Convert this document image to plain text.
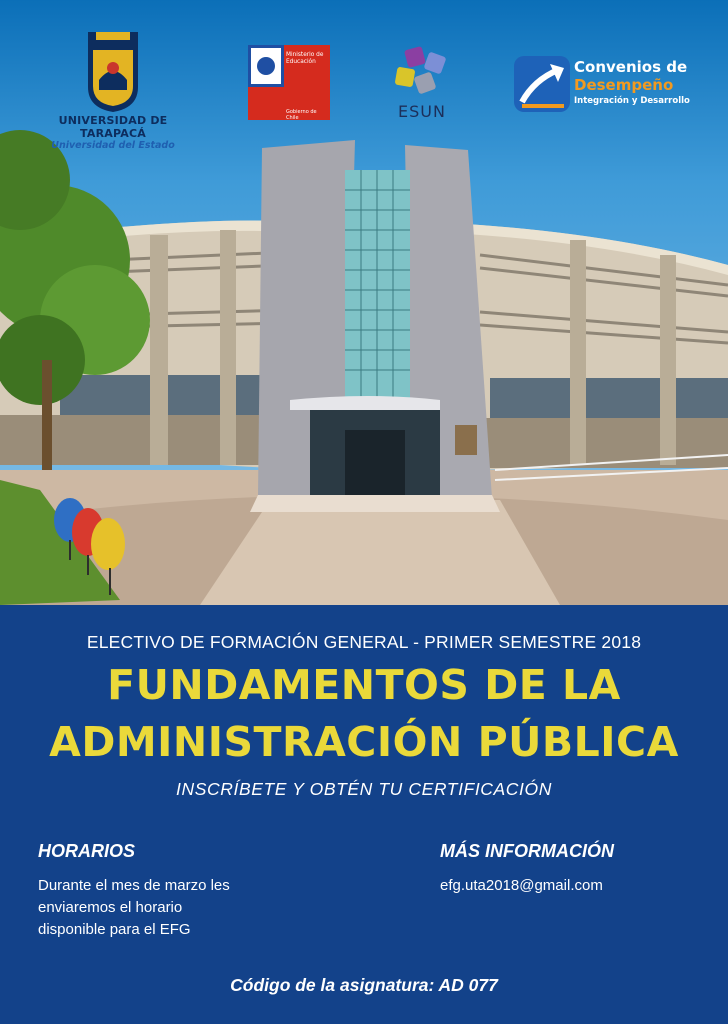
UNIVERSIDAD DE TARAPACÁ
Universidad del Estado
Ministerio de
Educación
Gobierno de Chile	ESUN
Convenios de
Desempeño
Integración y Desarrollo
ELECTIVO DE FORMACIÓN GENERAL - PRIMER SEMESTRE 2018
FUNDAMENTOS DE LA
ADMINISTRACIÓN PÚBLICA
INSCRÍBETE Y OBTÉN TU CERTIFICACIÓN
HORARIOS
Durante el mes de marzo les
enviaremos el horario
disponible para el EFG
MÁS INFORMACIÓN
efg.uta2018@gmail.com
Código de la asignatura: AD 077
